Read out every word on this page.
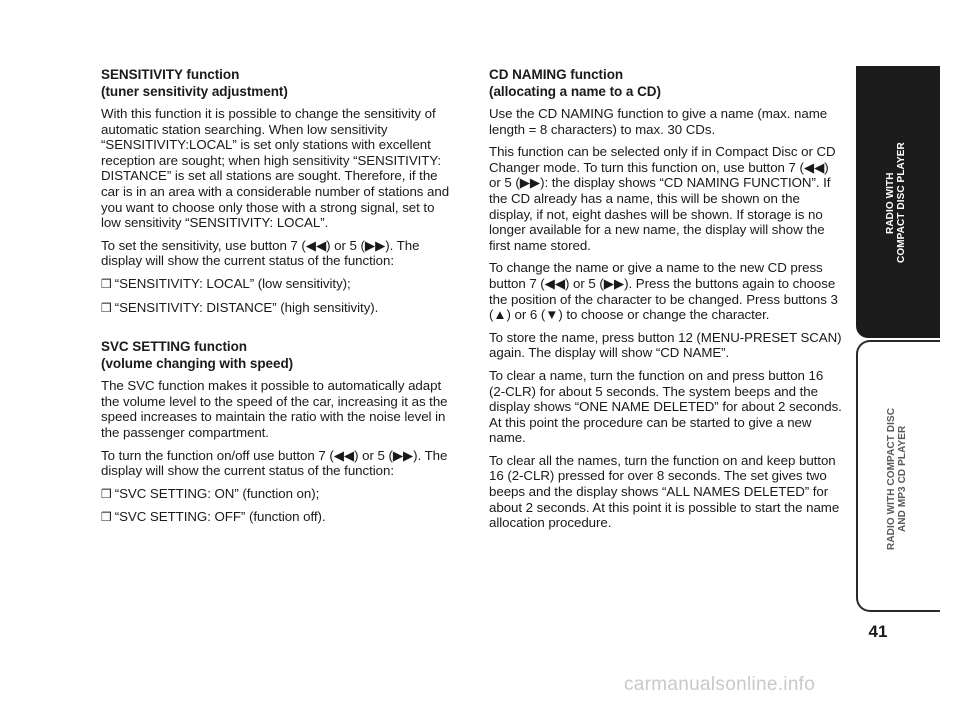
SENSITIVITY function
(tuner sensitivity adjustment)

With this function it is possible to change the sensitivity of automatic station searching. When low sensitivity “SENSITIVITY:LOCAL” is set only stations with excellent reception are sought; when high sensitivity “SENSITIVITY: DISTANCE” is set all stations are sought. Therefore, if the car is in an area with a considerable number of stations and you want to choose only those with a strong signal, set to low sensitivity “SENSITIVITY: LOCAL”.

To set the sensitivity, use button 7 (◀◀) or 5 (▶▶). The display will show the current status of the function:

❒ “SENSITIVITY: LOCAL” (low sensitivity);

❒ “SENSITIVITY: DISTANCE” (high sensitivity).

SVC SETTING function
(volume changing with speed)

The SVC function makes it possible to automatically adapt the volume level to the speed of the car, increasing it as the speed increases to maintain the ratio with the noise level in the passenger compartment.

To turn the function on/off use button 7 (◀◀) or 5 (▶▶). The display will show the current status of the function:

❒ “SVC SETTING: ON” (function on);

❒ “SVC SETTING: OFF” (function off).

CD NAMING function
(allocating a name to a CD)

Use the CD NAMING function to give a name (max. name length = 8 characters) to max. 30 CDs.

This function can be selected only if in Compact Disc or CD Changer mode. To turn this function on, use button 7 (◀◀) or 5 (▶▶): the display shows “CD NAMING FUNCTION”. If the CD already has a name, this will be shown on the display, if not, eight dashes will be shown. If storage is no longer available for a new name, the display will show the first name stored.

To change the name or give a name to the new CD press button 7 (◀◀) or 5 (▶▶). Press the buttons again to choose the position of the character to be changed. Press buttons 3 (▲) or 6 (▼) to choose or change the character.

To store the name, press button 12 (MENU-PRESET SCAN) again. The display will show “CD NAME”.

To clear a name, turn the function on and press button 16 (2-CLR) for about 5 seconds. The system beeps and the display shows “ONE NAME DELETED” for about 2 seconds. At this point the procedure can be started to give a new name.

To clear all the names, turn the function on and keep button 16 (2-CLR) pressed for over 8 seconds. The set gives two beeps and the display shows “ALL NAMES DELETED” for about 2 seconds. At this point it is possible to start the name allocation procedure.

RADIO WITH
COMPACT DISC PLAYER
RADIO WITH COMPACT DISC
AND MP3 CD PLAYER
41
carmanualsonline.info
